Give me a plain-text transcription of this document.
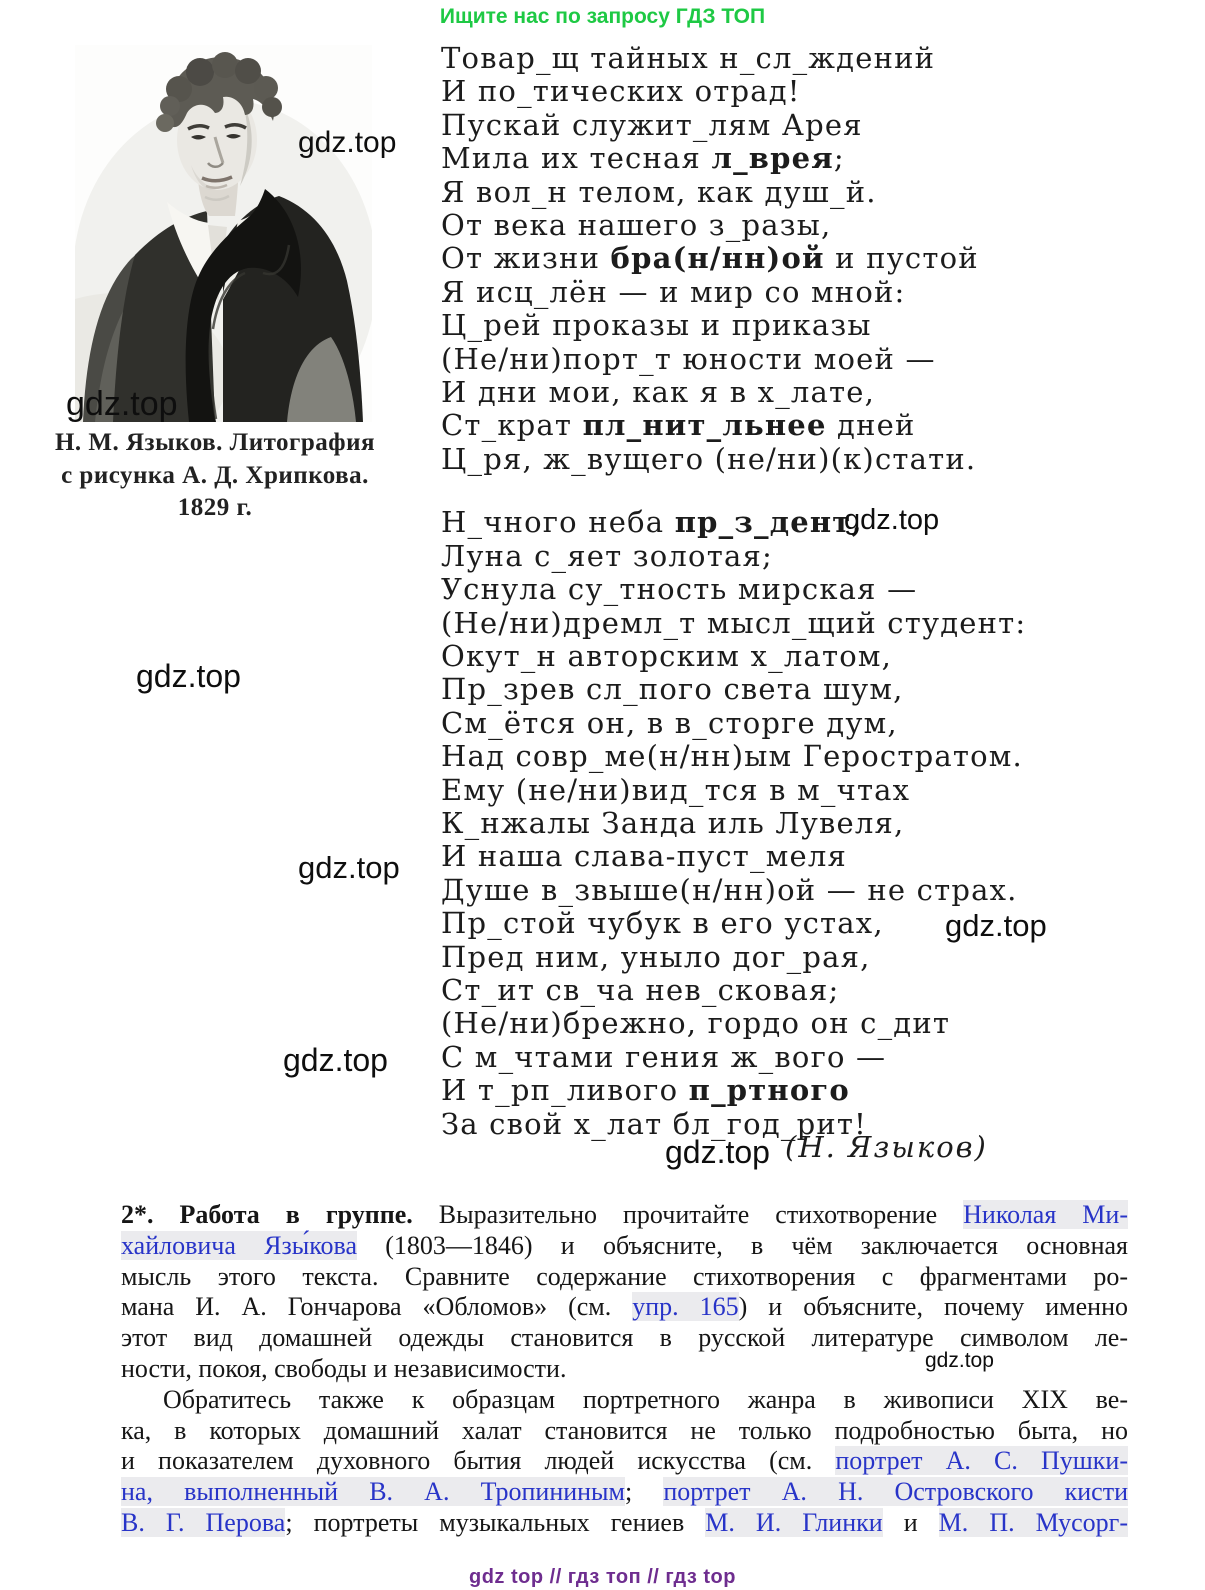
Ищите нас по запросу ГДЗ ТОП
Н. М. Языков. Литография
с рисунка А. Д. Хрипкова.
1829 г.
Товар_щ тайных н_сл_ждений
И по_тических отрад!
Пускай служит_лям Арея
Мила их тесная л_врея;
Я вол_н телом, как душ_й.
От века нашего з_разы,
От жизни бра(н/нн)ой и пустой
Я исц_лён — и мир со мной:
Ц_рей проказы и приказы
(Не/ни)порт_т юности моей —
И дни мои, как я в х_лате,
Ст_крат пл_нит_льнее дней
Ц_ря, ж_вущего (не/ни)(к)стати.
Н_чного неба пр_з_дент,
Луна с_яет золотая;
Уснула су_тность мирская —
(Не/ни)дремл_т мысл_щий студент:
Окут_н авторским х_латом,
Пр_зрев сл_пого света шум,
См_ётся он, в в_сторге дум,
Над совр_ме(н/нн)ым Геростратом.
Ему (не/ни)вид_тся в м_чтах
К_нжалы Занда иль Лувеля,
И наша слава-пуст_меля
Душе в_звыше(н/нн)ой — не страх.
Пр_стой чубук в его устах,
Пред ним, уныло дог_рая,
Ст_ит св_ча нев_сковая;
(Не/ни)брежно, гордо он с_дит
С м_чтами гения ж_вого —
И т_рп_ливого п_ртного
За свой х_лат бл_год_рит!
(Н. Языков)
2*. Работа в группе. Выразительно прочитайте стихотворение Николая Ми-
хайловича Язы́кова (1803—1846) и объясните, в чём заключается основная
мысль этого текста. Сравните содержание стихотворения с фрагментами ро-
мана И. А. Гончарова «Обломов» (см. упр. 165) и объясните, почему именно
этот вид домашней одежды становится в русской литературе символом ле-
ности, покоя, свободы и независимости.
Обратитесь также к образцам портретного жанра в живописи XIX ве-
ка, в которых домашний халат становится не только подробностью быта, но
и показателем духовного бытия людей искусства (см. портрет А. С. Пушки-
на, выполненный В. А. Тропининым; портрет А. Н. Островского кисти
В. Г. Перова; портреты музыкальных гениев М. И. Глинки и М. П. Мусорг-
gdz.top
gdz.top
gdz.top
gdz.top
gdz.top
gdz.top
gdz.top
gdz.top
gdz.top
gdz top // гдз топ // гдз top
